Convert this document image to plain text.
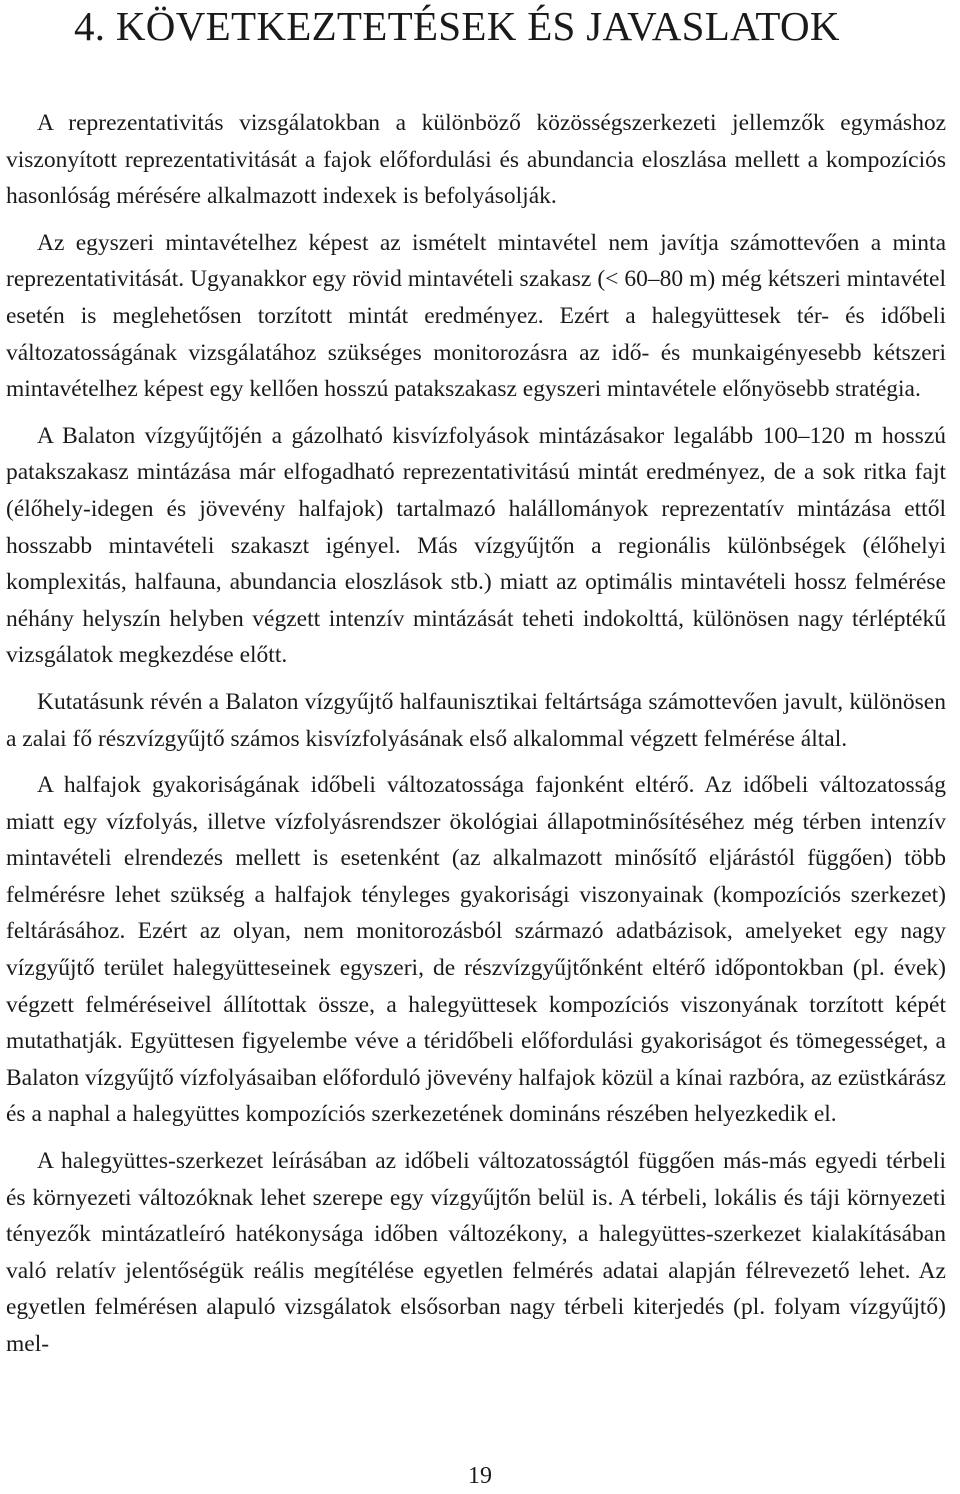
4. KÖVETKEZTETÉSEK ÉS JAVASLATOK

A reprezentativitás vizsgálatokban a különböző közösségszerkezeti jellemzők egymáshoz viszonyított reprezentativitását a fajok előfordulási és abundancia eloszlása mellett a kompozíciós hasonlóság mérésére alkalmazott indexek is befolyásolják.

Az egyszeri mintavételhez képest az ismételt mintavétel nem javítja számottevően a minta reprezentativitását. Ugyanakkor egy rövid mintavételi szakasz (< 60–80 m) még kétszeri mintavétel esetén is meglehetősen torzított mintát eredményez. Ezért a halegyüttesek tér- és időbeli változatosságának vizsgálatához szükséges monitorozásra az idő- és munkaigényesebb kétszeri mintavételhez képest egy kellően hosszú patakszakasz egyszeri mintavétele előnyösebb stratégia.

A Balaton vízgyűjtőjén a gázolható kisvízfolyások mintázásakor legalább 100–120 m hosszú patakszakasz mintázása már elfogadható reprezentativitású mintát eredményez, de a sok ritka fajt (élőhely-idegen és jövevény halfajok) tartalmazó halállományok reprezentatív mintázása ettől hosszabb mintavételi szakaszt igényel. Más vízgyűjtőn a regionális különbségek (élőhelyi komplexitás, halfauna, abundancia eloszlások stb.) miatt az optimális mintavételi hossz felmérése néhány helyszín helyben végzett intenzív mintázását teheti indokolttá, különösen nagy térléptékű vizsgálatok megkezdése előtt.

Kutatásunk révén a Balaton vízgyűjtő halfaunisztikai feltártsága számottevően javult, különösen a zalai fő részvízgyűjtő számos kisvízfolyásának első alkalommal végzett felmérése által.

A halfajok gyakoriságának időbeli változatossága fajonként eltérő. Az időbeli változatosság miatt egy vízfolyás, illetve vízfolyásrendszer ökológiai állapotminősítéséhez még térben intenzív mintavételi elrendezés mellett is esetenként (az alkalmazott minősítő eljárástól függően) több felmérésre lehet szükség a halfajok tényleges gyakorisági viszonyainak (kompozíciós szerkezet) feltárásához. Ezért az olyan, nem monitorozásból származó adatbázisok, amelyeket egy nagy vízgyűjtő terület halegyütteseinek egyszeri, de részvízgyűjtőnként eltérő időpontokban (pl. évek) végzett felméréseivel állítottak össze, a halegyüttesek kompozíciós viszonyának torzított képét mutathatják. Együttesen figyelembe véve a téridőbeli előfordulási gyakoriságot és tömegességet, a Balaton vízgyűjtő vízfolyásaiban előforduló jövevény halfajok közül a kínai razbóra, az ezüstkárász és a naphal a halegyüttes kompozíciós szerkezetének domináns részében helyezkedik el.

A halegyüttes-szerkezet leírásában az időbeli változatosságtól függően más-más egyedi térbeli és környezeti változóknak lehet szerepe egy vízgyűjtőn belül is. A térbeli, lokális és táji környezeti tényezők mintázatleíró hatékonysága időben változékony, a halegyüttes-szerkezet kialakításában való relatív jelentőségük reális megítélése egyetlen felmérés adatai alapján félrevezető lehet. Az egyetlen felmérésen alapuló vizsgálatok elsősorban nagy térbeli kiterjedés (pl. folyam vízgyűjtő) mel-

19
